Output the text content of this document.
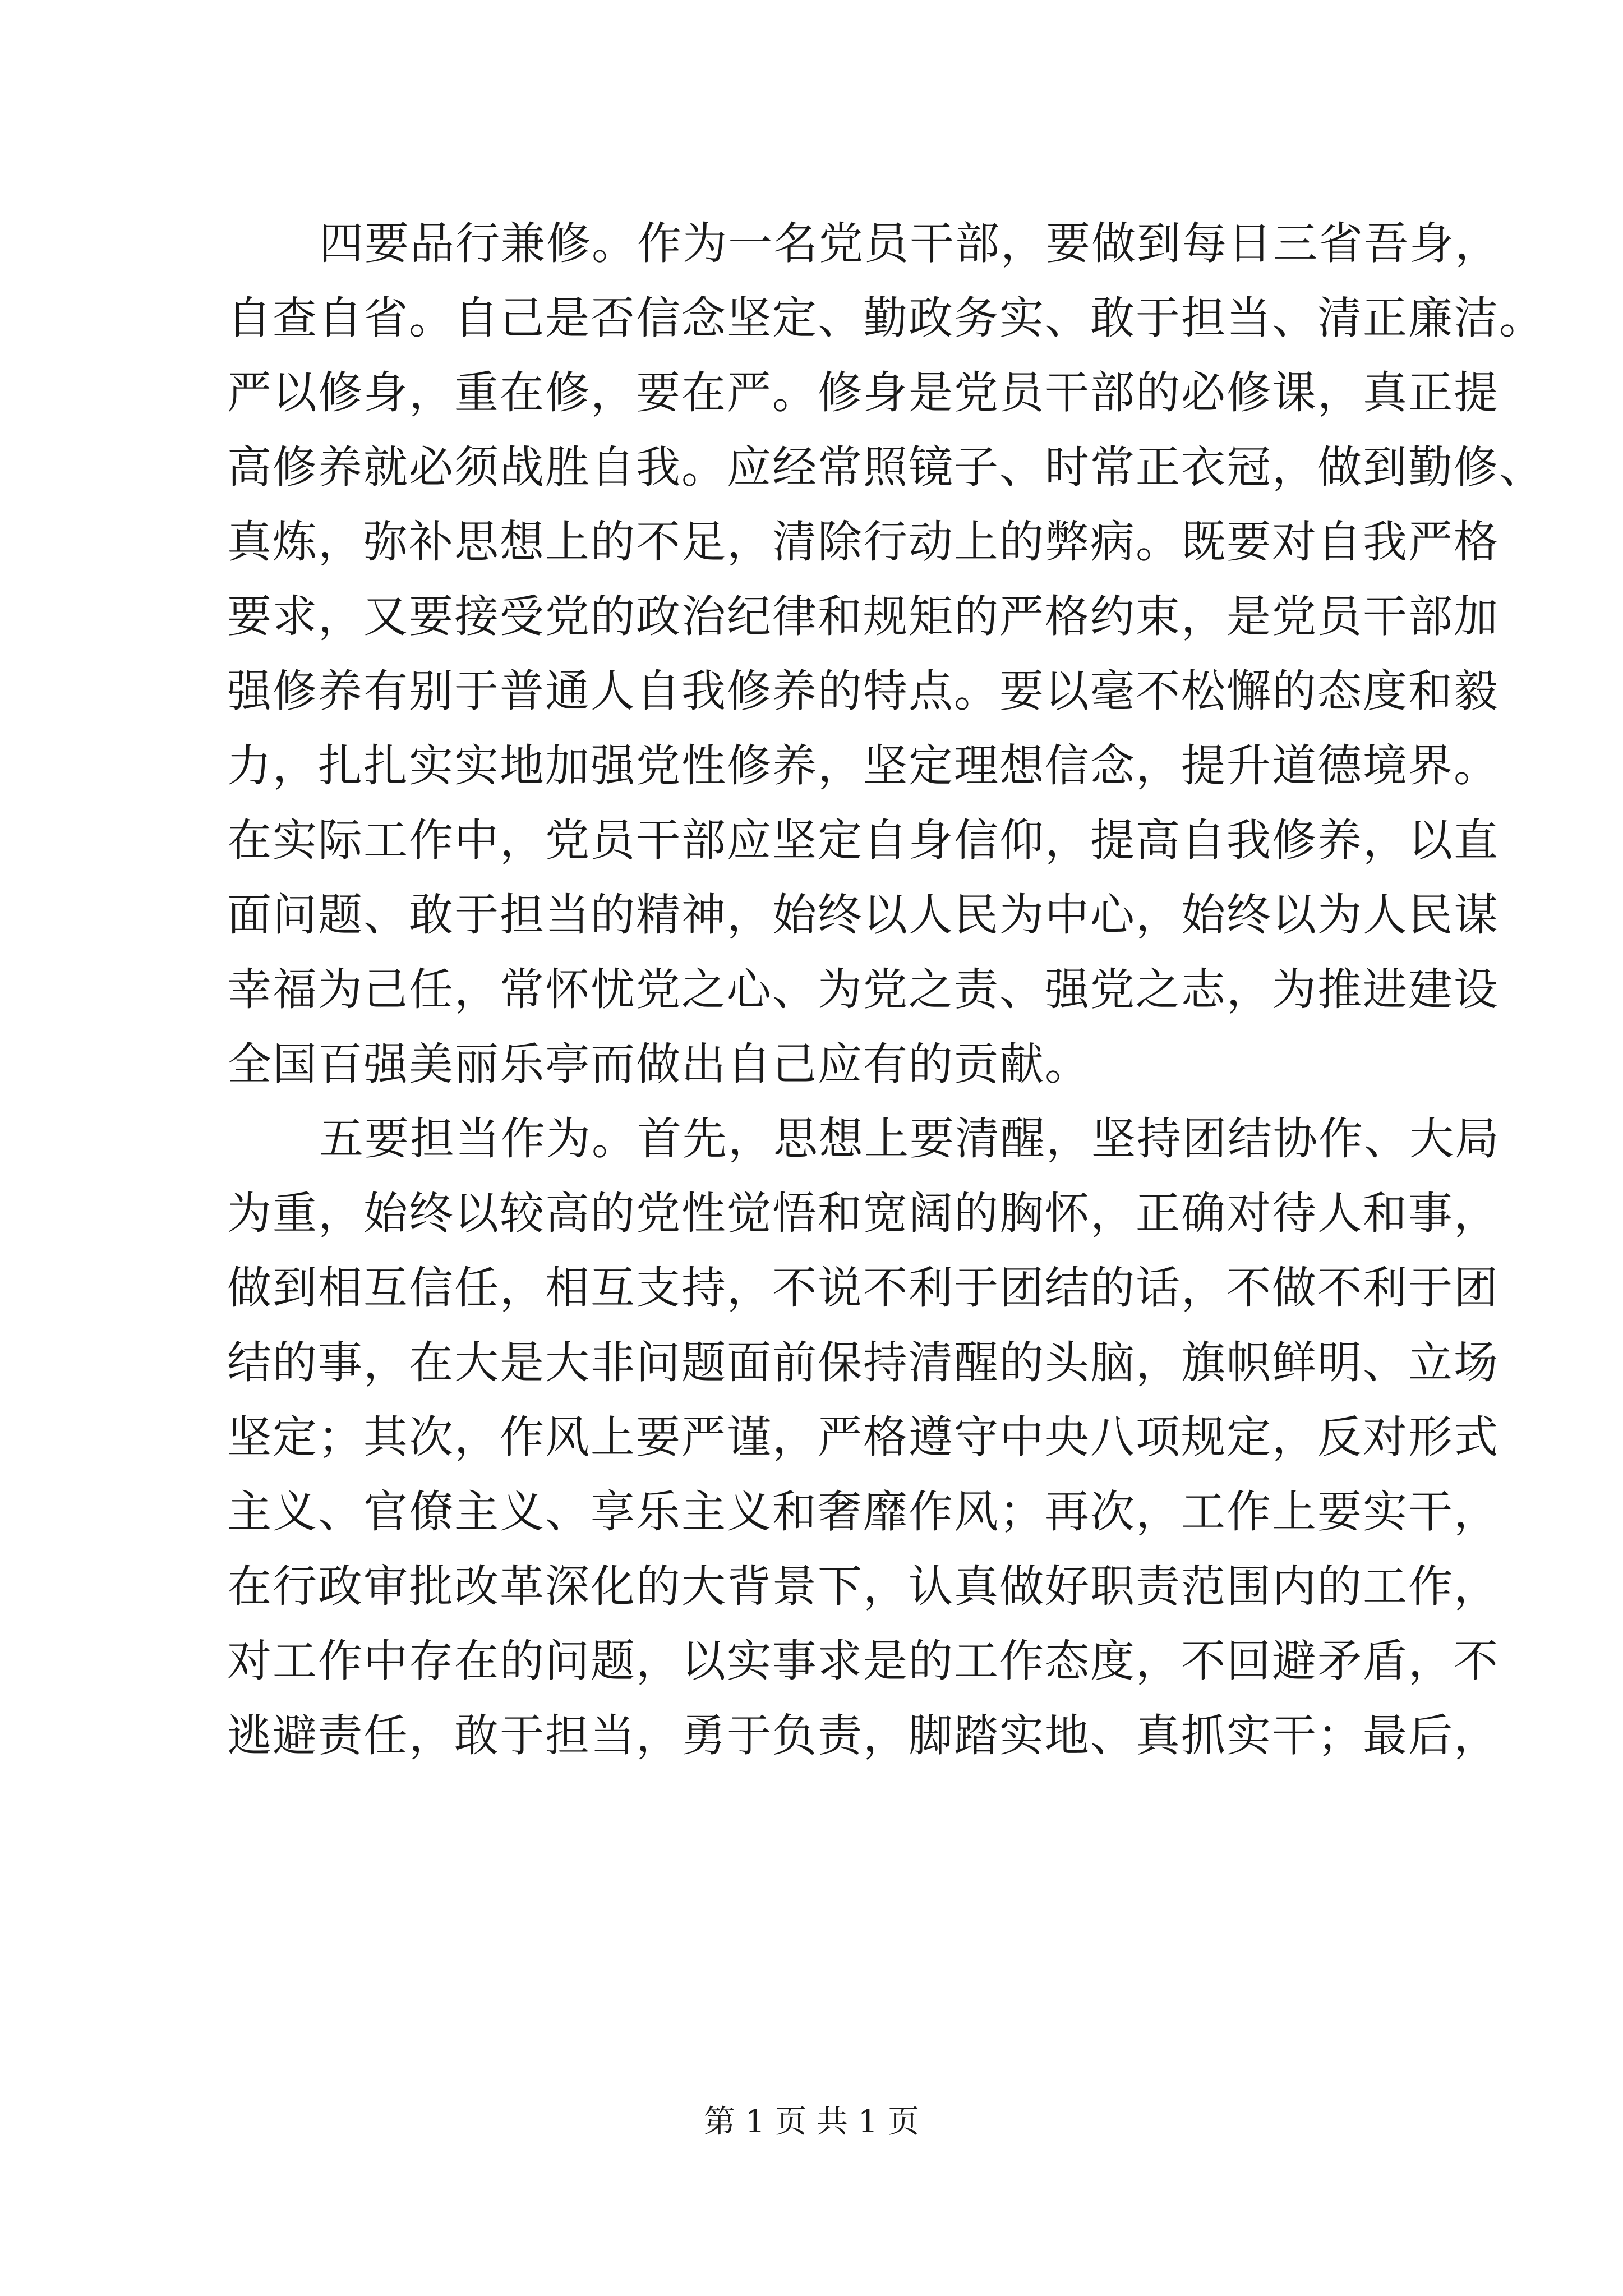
四要品行兼修。作为一名党员干部，要做到每日三省吾身，
自查自省。自己是否信念坚定、勤政务实、敢于担当、清正廉洁。
严以修身，重在修，要在严。修身是党员干部的必修课，真正提
高修养就必须战胜自我。应经常照镜子、时常正衣冠，做到勤修、
真炼，弥补思想上的不足，清除行动上的弊病。既要对自我严格
要求，又要接受党的政治纪律和规矩的严格约束，是党员干部加
强修养有别于普通人自我修养的特点。要以毫不松懈的态度和毅
力，扎扎实实地加强党性修养，坚定理想信念，提升道德境界。
在实际工作中，党员干部应坚定自身信仰，提高自我修养，以直
面问题、敢于担当的精神，始终以人民为中心，始终以为人民谋
幸福为己任，常怀忧党之心、为党之责、强党之志，为推进建设
全国百强美丽乐亭而做出自己应有的贡献。
五要担当作为。首先，思想上要清醒，坚持团结协作、大局
为重，始终以较高的党性觉悟和宽阔的胸怀，正确对待人和事，
做到相互信任，相互支持，不说不利于团结的话，不做不利于团
结的事，在大是大非问题面前保持清醒的头脑，旗帜鲜明、立场
坚定；其次，作风上要严谨，严格遵守中央八项规定，反对形式
主义、官僚主义、享乐主义和奢靡作风；再次，工作上要实干，
在行政审批改革深化的大背景下，认真做好职责范围内的工作，
对工作中存在的问题，以实事求是的工作态度，不回避矛盾，不
逃避责任，敢于担当，勇于负责，脚踏实地、真抓实干；最后，
第 1 页 共 1 页
